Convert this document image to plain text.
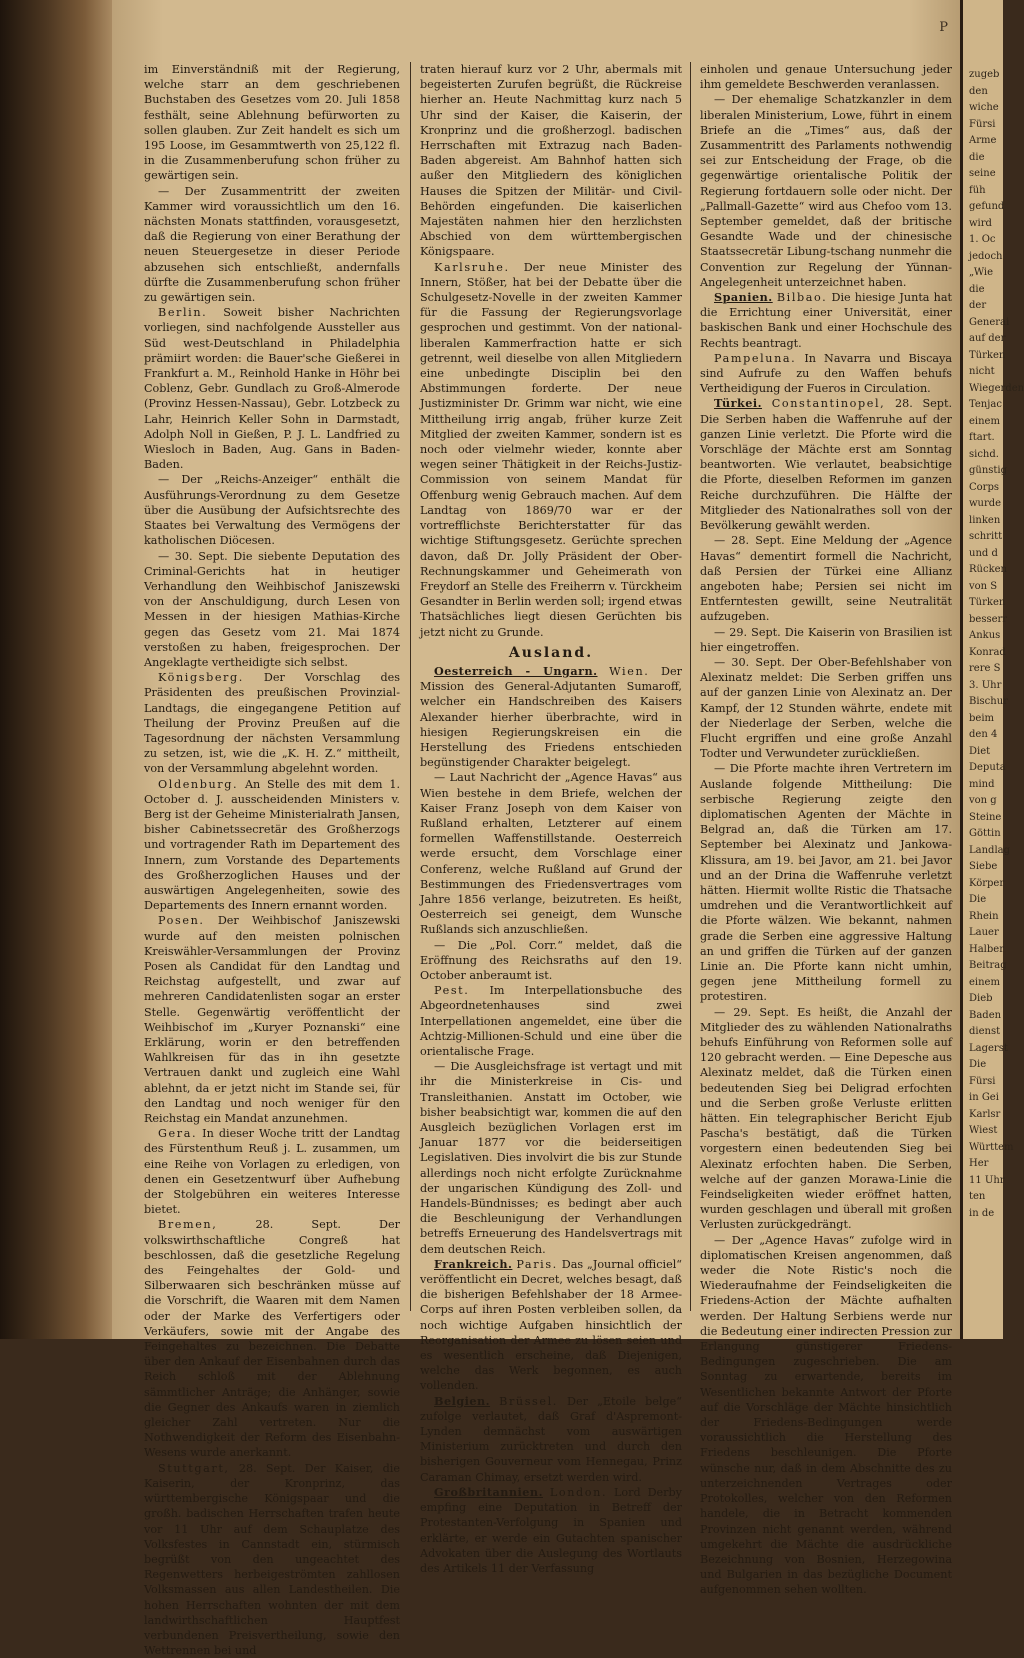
P

im Einverständniß mit der Regierung, welche starr an dem geschriebenen Buchstaben des Gesetzes vom 20. Juli 1858 festhält, seine Ablehnung befürworten zu sollen glauben. Zur Zeit handelt es sich um 195 Loose, im Gesammtwerth von 25,122 fl. in die Zusammenberufung schon früher zu gewärtigen sein.

— Der Zusammentritt der zweiten Kammer wird voraussichtlich um den 16. nächsten Monats stattfinden, vorausgesetzt, daß die Regierung von einer Berathung der neuen Steuergesetze in dieser Periode abzusehen sich entschließt, andernfalls dürfte die Zusammenberufung schon früher zu gewärtigen sein.

Berlin. Soweit bisher Nachrichten vorliegen, sind nachfolgende Aussteller aus Süd west-Deutschland in Philadelphia prämiirt worden: die Bauer'sche Gießerei in Frankfurt a. M., Reinhold Hanke in Höhr bei Coblenz, Gebr. Gundlach zu Groß-Almerode (Provinz Hessen-Nassau), Gebr. Lotzbeck zu Lahr, Heinrich Keller Sohn in Darmstadt, Adolph Noll in Gießen, P. J. L. Landfried zu Wiesloch in Baden, Aug. Gans in Baden-Baden.

— Der „Reichs-Anzeiger“ enthält die Ausführungs-Verordnung zu dem Gesetze über die Ausübung der Aufsichtsrechte des Staates bei Verwaltung des Vermögens der katholischen Diöcesen.

— 30. Sept. Die siebente Deputation des Criminal-Gerichts hat in heutiger Verhandlung den Weihbischof Janiszewski von der Anschuldigung, durch Lesen von Messen in der hiesigen Mathias-Kirche gegen das Gesetz vom 21. Mai 1874 verstoßen zu haben, freigesprochen. Der Angeklagte vertheidigte sich selbst.

Königsberg. Der Vorschlag des Präsidenten des preußischen Provinzial-Landtags, die eingegangene Petition auf Theilung der Provinz Preußen auf die Tagesordnung der nächsten Versammlung zu setzen, ist, wie die „K. H. Z.“ mittheilt, von der Versammlung abgelehnt worden.

Oldenburg. An Stelle des mit dem 1. October d. J. ausscheidenden Ministers v. Berg ist der Geheime Ministerialrath Jansen, bisher Cabinetssecretär des Großherzogs und vortragender Rath im Departement des Innern, zum Vorstande des Departements des Großherzoglichen Hauses und der auswärtigen Angelegenheiten, sowie des Departements des Innern ernannt worden.

Posen. Der Weihbischof Janiszewski wurde auf den meisten polnischen Kreiswähler-Versammlungen der Provinz Posen als Candidat für den Landtag und Reichstag aufgestellt, und zwar auf mehreren Candidatenlisten sogar an erster Stelle. Gegenwärtig veröffentlicht der Weihbischof im „Kuryer Poznanski“ eine Erklärung, worin er den betreffenden Wahlkreisen für das in ihn gesetzte Vertrauen dankt und zugleich eine Wahl ablehnt, da er jetzt nicht im Stande sei, für den Landtag und noch weniger für den Reichstag ein Mandat anzunehmen.

Gera. In dieser Woche tritt der Landtag des Fürstenthum Reuß j. L. zusammen, um eine Reihe von Vorlagen zu erledigen, von denen ein Gesetzentwurf über Aufhebung der Stolgebühren ein weiteres Interesse bietet.

Bremen, 28. Sept. Der volkswirthschaftliche Congreß hat beschlossen, daß die gesetzliche Regelung des Feingehaltes der Gold- und Silberwaaren sich beschränken müsse auf die Vorschrift, die Waaren mit dem Namen oder der Marke des Verfertigers oder Verkäufers, sowie mit der Angabe des Feingehaltes zu bezeichnen. Die Debatte über den Ankauf der Eisenbahnen durch das Reich schloß mit der Ablehnung sämmtlicher Anträge; die Anhänger, sowie die Gegner des Ankaufs waren in ziemlich gleicher Zahl vertreten. Nur die Nothwendigkeit der Reform des Eisenbahn-Wesens wurde anerkannt.

Stuttgart, 28. Sept. Der Kaiser, die Kaiserin, der Kronprinz, das württembergische Königspaar und die großh. badischen Herrschaften trafen heute vor 11 Uhr auf dem Schauplatze des Volksfestes in Cannstadt ein, stürmisch begrüßt von den ungeachtet des Regenwetters herbeigeströmten zahllosen Volksmassen aus allen Landestheilen. Die hohen Herrschaften wohnten der mit dem landwirthschaftlichen Hauptfest verbundenen Preisvertheilung, sowie den Wettrennen bei und

traten hierauf kurz vor 2 Uhr, abermals mit begeisterten Zurufen begrüßt, die Rückreise hierher an. Heute Nachmittag kurz nach 5 Uhr sind der Kaiser, die Kaiserin, der Kronprinz und die großherzogl. badischen Herrschaften mit Extrazug nach Baden-Baden abgereist. Am Bahnhof hatten sich außer den Mitgliedern des königlichen Hauses die Spitzen der Militär- und Civil-Behörden eingefunden. Die kaiserlichen Majestäten nahmen hier den herzlichsten Abschied von dem württembergischen Königspaare.

Karlsruhe. Der neue Minister des Innern, Stößer, hat bei der Debatte über die Schulgesetz-Novelle in der zweiten Kammer für die Fassung der Regierungsvorlage gesprochen und gestimmt. Von der national-liberalen Kammerfraction hatte er sich getrennt, weil dieselbe von allen Mitgliedern eine unbedingte Disciplin bei den Abstimmungen forderte. Der neue Justizminister Dr. Grimm war nicht, wie eine Mittheilung irrig angab, früher kurze Zeit Mitglied der zweiten Kammer, sondern ist es noch oder vielmehr wieder, konnte aber wegen seiner Thätigkeit in der Reichs-Justiz-Commission von seinem Mandat für Offenburg wenig Gebrauch machen. Auf dem Landtag von 1869/70 war er der vortrefflichste Berichterstatter für das wichtige Stiftungsgesetz. Gerüchte sprechen davon, daß Dr. Jolly Präsident der Ober-Rechnungskammer und Geheimerath von Freydorf an Stelle des Freiherrn v. Türckheim Gesandter in Berlin werden soll; irgend etwas Thatsächliches liegt diesen Gerüchten bis jetzt nicht zu Grunde.

Ausland.

Oesterreich - Ungarn. Wien. Der Mission des General-Adjutanten Sumaroff, welcher ein Handschreiben des Kaisers Alexander hierher überbrachte, wird in hiesigen Regierungskreisen ein die Herstellung des Friedens entschieden begünstigender Charakter beigelegt.

— Laut Nachricht der „Agence Havas“ aus Wien bestehe in dem Briefe, welchen der Kaiser Franz Joseph von dem Kaiser von Rußland erhalten, Letzterer auf einem formellen Waffenstillstande. Oesterreich werde ersucht, dem Vorschlage einer Conferenz, welche Rußland auf Grund der Bestimmungen des Friedensvertrages vom Jahre 1856 verlange, beizutreten. Es heißt, Oesterreich sei geneigt, dem Wunsche Rußlands sich anzuschließen.

— Die „Pol. Corr.“ meldet, daß die Eröffnung des Reichsraths auf den 19. October anberaumt ist.

Pest. Im Interpellationsbuche des Abgeordnetenhauses sind zwei Interpellationen angemeldet, eine über die Achtzig-Millionen-Schuld und eine über die orientalische Frage.

— Die Ausgleichsfrage ist vertagt und mit ihr die Ministerkreise in Cis- und Transleithanien. Anstatt im October, wie bisher beabsichtigt war, kommen die auf den Ausgleich bezüglichen Vorlagen erst im Januar 1877 vor die beiderseitigen Legislativen. Dies involvirt die bis zur Stunde allerdings noch nicht erfolgte Zurücknahme der ungarischen Kündigung des Zoll- und Handels-Bündnisses; es bedingt aber auch die Beschleunigung der Verhandlungen betreffs Erneuerung des Handelsvertrags mit dem deutschen Reich.

Frankreich. Paris. Das „Journal officiel“ veröffentlicht ein Decret, welches besagt, daß die bisherigen Befehlshaber der 18 Armee-Corps auf ihren Posten verbleiben sollen, da noch wichtige Aufgaben hinsichtlich der Reorganisation der Armee zu lösen seien und es wesentlich erscheine, daß Diejenigen, welche das Werk begonnen, es auch vollenden.

Belgien. Brüssel. Der „Etoile belge“ zufolge verlautet, daß Graf d'Aspremont-Lynden demnächst vom auswärtigen Ministerium zurücktreten und durch den bisherigen Gouverneur vom Hennegau, Prinz Caraman Chimay, ersetzt werden wird.

Großbritannien. London. Lord Derby empfing eine Deputation in Betreff der Protestanten-Verfolgung in Spanien und erklärte, er werde ein Gutachten spanischer Advokaten über die Auslegung des Wortlauts des Artikels 11 der Verfassung

einholen und genaue Untersuchung jeder ihm gemeldete Beschwerden veranlassen.

— Der ehemalige Schatzkanzler in dem liberalen Ministerium, Lowe, führt in einem Briefe an die „Times“ aus, daß der Zusammentritt des Parlaments nothwendig sei zur Entscheidung der Frage, ob die gegenwärtige orientalische Politik der Regierung fortdauern solle oder nicht. Der „Pallmall-Gazette“ wird aus Chefoo vom 13. September gemeldet, daß der britische Gesandte Wade und der chinesische Staatssecretär Libung-tschang nunmehr die Convention zur Regelung der Yünnan-Angelegenheit unterzeichnet haben.

Spanien. Bilbao. Die hiesige Junta hat die Errichtung einer Universität, einer baskischen Bank und einer Hochschule des Rechts beantragt.

Pampeluna. In Navarra und Biscaya sind Aufrufe zu den Waffen behufs Vertheidigung der Fueros in Circulation.

Türkei. Constantinopel, 28. Sept. Die Serben haben die Waffenruhe auf der ganzen Linie verletzt. Die Pforte wird die Vorschläge der Mächte erst am Sonntag beantworten. Wie verlautet, beabsichtige die Pforte, dieselben Reformen im ganzen Reiche durchzuführen. Die Hälfte der Mitglieder des Nationalrathes soll von der Bevölkerung gewählt werden.

— 28. Sept. Eine Meldung der „Agence Havas“ dementirt formell die Nachricht, daß Persien der Türkei eine Allianz angeboten habe; Persien sei nicht im Entferntesten gewillt, seine Neutralität aufzugeben.

— 29. Sept. Die Kaiserin von Brasilien ist hier eingetroffen.

— 30. Sept. Der Ober-Befehlshaber von Alexinatz meldet: Die Serben griffen uns auf der ganzen Linie von Alexinatz an. Der Kampf, der 12 Stunden währte, endete mit der Niederlage der Serben, welche die Flucht ergriffen und eine große Anzahl Todter und Verwundeter zurückließen.

— Die Pforte machte ihren Vertretern im Auslande folgende Mittheilung: Die serbische Regierung zeigte den diplomatischen Agenten der Mächte in Belgrad an, daß die Türken am 17. September bei Alexinatz und Jankowa-Klissura, am 19. bei Javor, am 21. bei Javor und an der Drina die Waffenruhe verletzt hätten. Hiermit wollte Ristic die Thatsache umdrehen und die Verantwortlichkeit auf die Pforte wälzen. Wie bekannt, nahmen grade die Serben eine aggressive Haltung an und griffen die Türken auf der ganzen Linie an. Die Pforte kann nicht umhin, gegen jene Mittheilung formell zu protestiren.

— 29. Sept. Es heißt, die Anzahl der Mitglieder des zu wählenden Nationalraths behufs Einführung von Reformen solle auf 120 gebracht werden. — Eine Depesche aus Alexinatz meldet, daß die Türken einen bedeutenden Sieg bei Deligrad erfochten und die Serben große Verluste erlitten hätten. Ein telegraphischer Bericht Ejub Pascha's bestätigt, daß die Türken vorgestern einen bedeutenden Sieg bei Alexinatz erfochten haben. Die Serben, welche auf der ganzen Morawa-Linie die Feindseligkeiten wieder eröffnet hatten, wurden geschlagen und überall mit großen Verlusten zurückgedrängt.

— Der „Agence Havas“ zufolge wird in diplomatischen Kreisen angenommen, daß weder die Note Ristic's noch die Wiederaufnahme der Feindseligkeiten die Friedens-Action der Mächte aufhalten werden. Der Haltung Serbiens werde nur die Bedeutung einer indirecten Pression zur Erlangung günstigerer Friedens-Bedingungen zugeschrieben. Die am Sonntag zu erwartende, bereits im Wesentlichen bekannte Antwort der Pforte auf die Vorschläge der Mächte hinsichtlich der Friedens-Bedingungen werde voraussichtlich die Herstellung des Friedens beschleunigen. Die Pforte wünsche nur, daß in dem Abschnitte des zu unterzeichnenden Vertrages oder Protokolles, welcher von den Reformen handele, die in Betracht kommenden Provinzen nicht genannt werden, während umgekehrt die Mächte die ausdrückliche Bezeichnung von Bosnien, Herzegowina und Bulgarien in das bezügliche Document aufgenommen sehen wollten.

zugeb
den
wiche
Fürsi
Arme
die
seine
füh
gefund
wird
1. Oc
jedoch
„Wie
die
der
Generai
auf der
Türken
nicht
Wiegerden
Tenjac
einem
ftart.
sichd.
günstig
Corps
wurde
linken
schritt
und d
Rücken
von S
Türken
besserr
Ankus
Konrad
rere S
3. Uhr
Bischur
beim
den 4
Diet
Deputa
mind
von g
Steine
Göttin
Landlag
Siebe
Körper
Die
Rhein
Lauer
Halber
Beitrag
einem
Dieb
Baden
dienst
Lagerst
Die
Fürsi
in Gei
Karlsr
Wiest
Württem
Her
11 Uhr
ten
in de
